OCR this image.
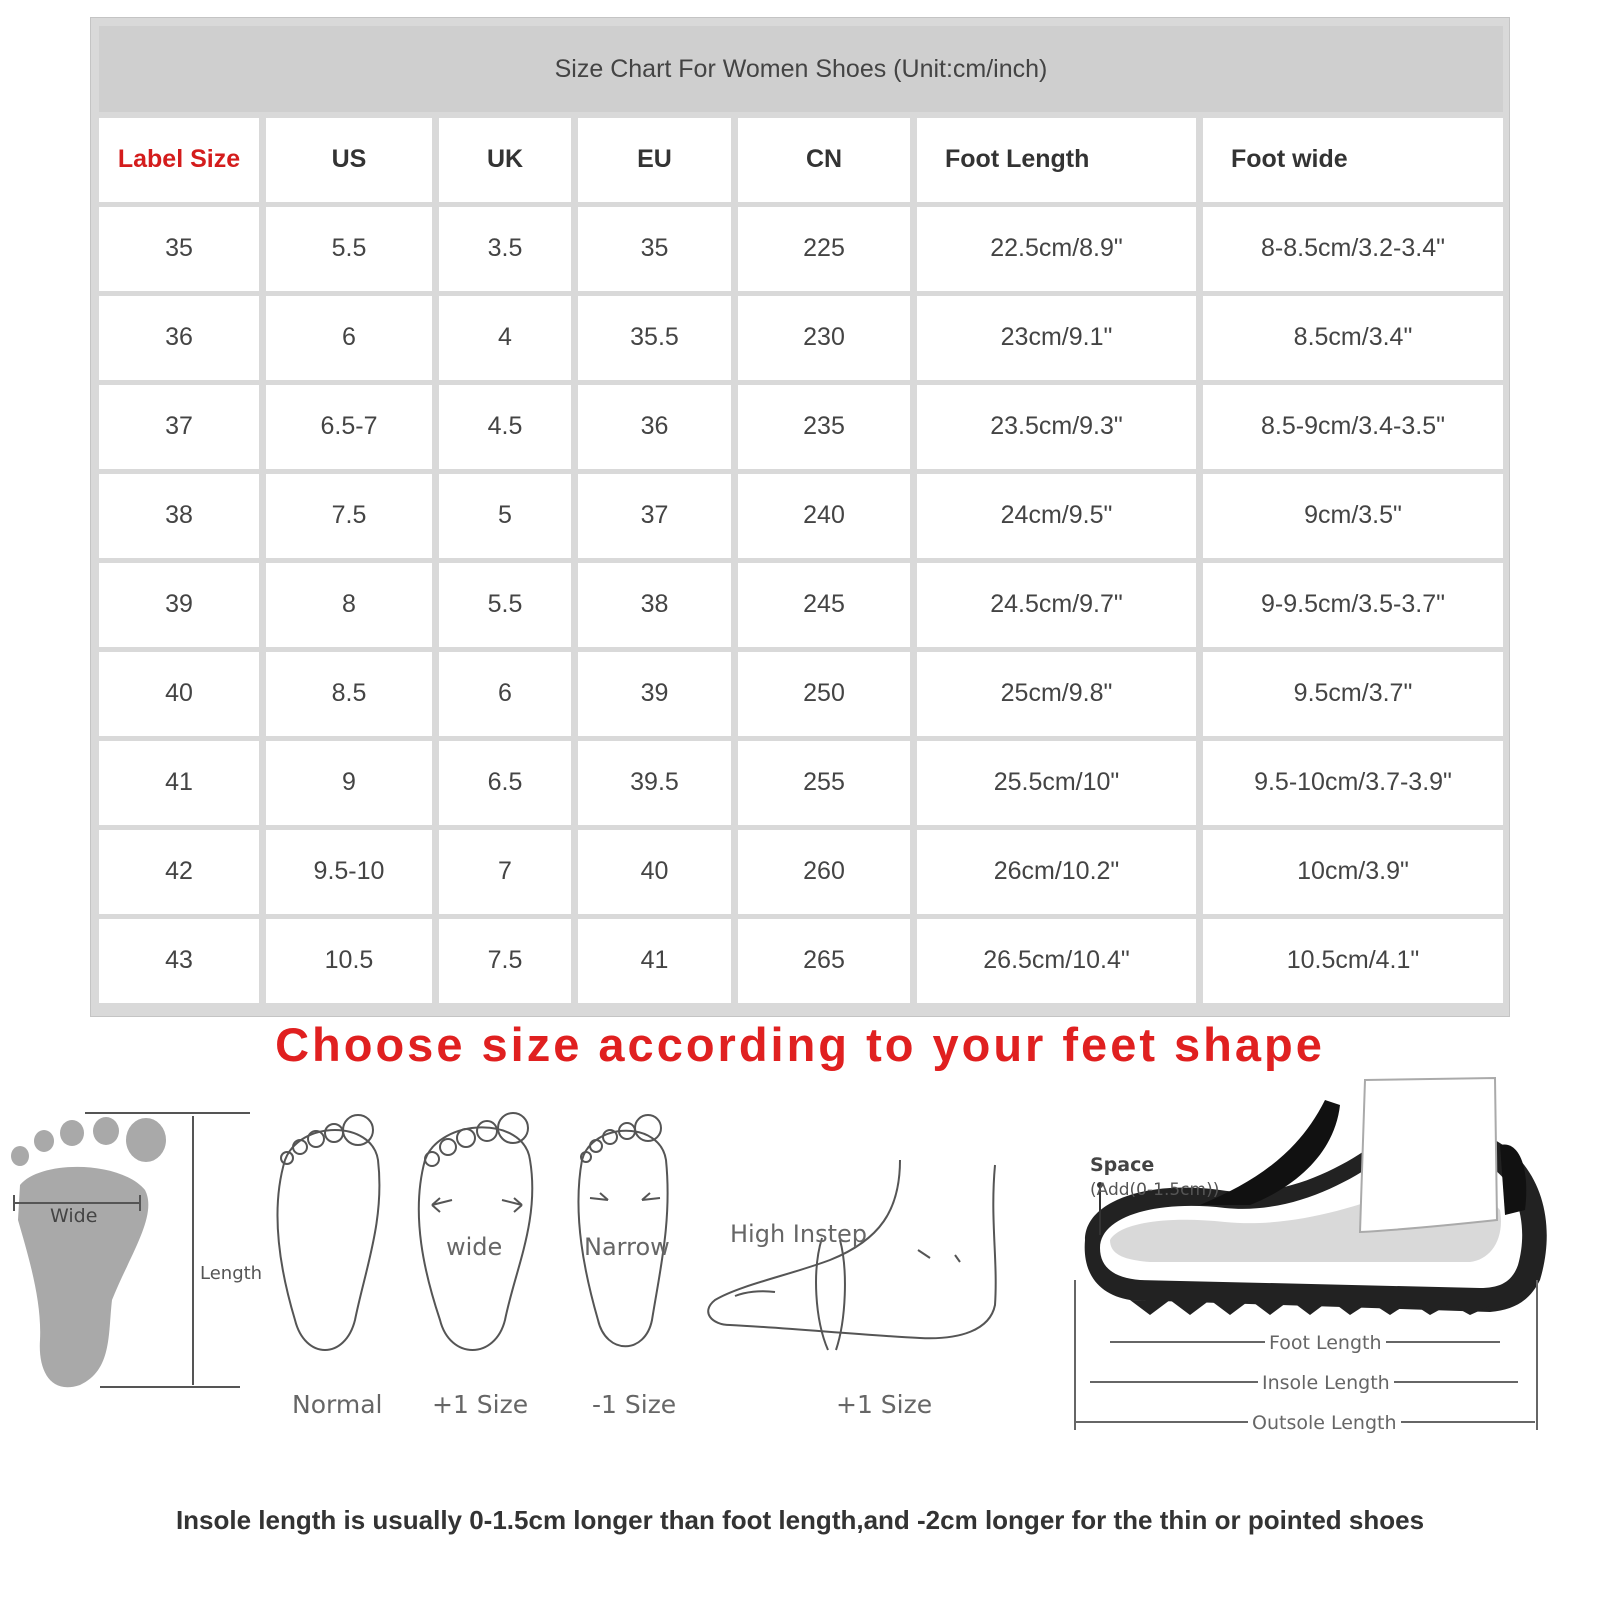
Size Chart For Women Shoes (Unit:cm/inch)
Label Size	US	UK	EU	CN	Foot Length	Foot wide
35	5.5	3.5	35	225	22.5cm/8.9"	8-8.5cm/3.2-3.4"
36	6	4	35.5	230	23cm/9.1"	8.5cm/3.4"
37	6.5-7	4.5	36	235	23.5cm/9.3"	8.5-9cm/3.4-3.5"
38	7.5	5	37	240	24cm/9.5"	9cm/3.5"
39	8	5.5	38	245	24.5cm/9.7"	9-9.5cm/3.5-3.7"
40	8.5	6	39	250	25cm/9.8"	9.5cm/3.7"
41	9	6.5	39.5	255	25.5cm/10"	9.5-10cm/3.7-3.9"
42	9.5-10	7	40	260	26cm/10.2"	10cm/3.9"
43	10.5	7.5	41	265	26.5cm/10.4"	10.5cm/4.1"
Choose size according to your feet shape
Wide
Length
wide	Narrow	High Instep
Normal +1 Size	-1 Size	+1 Size
Space
(Add(0-1.5cm))
Foot Length
Insole Length
Outsole Length
Insole length is usually 0-1.5cm longer than foot length,and -2cm longer for the thin or pointed shoes
